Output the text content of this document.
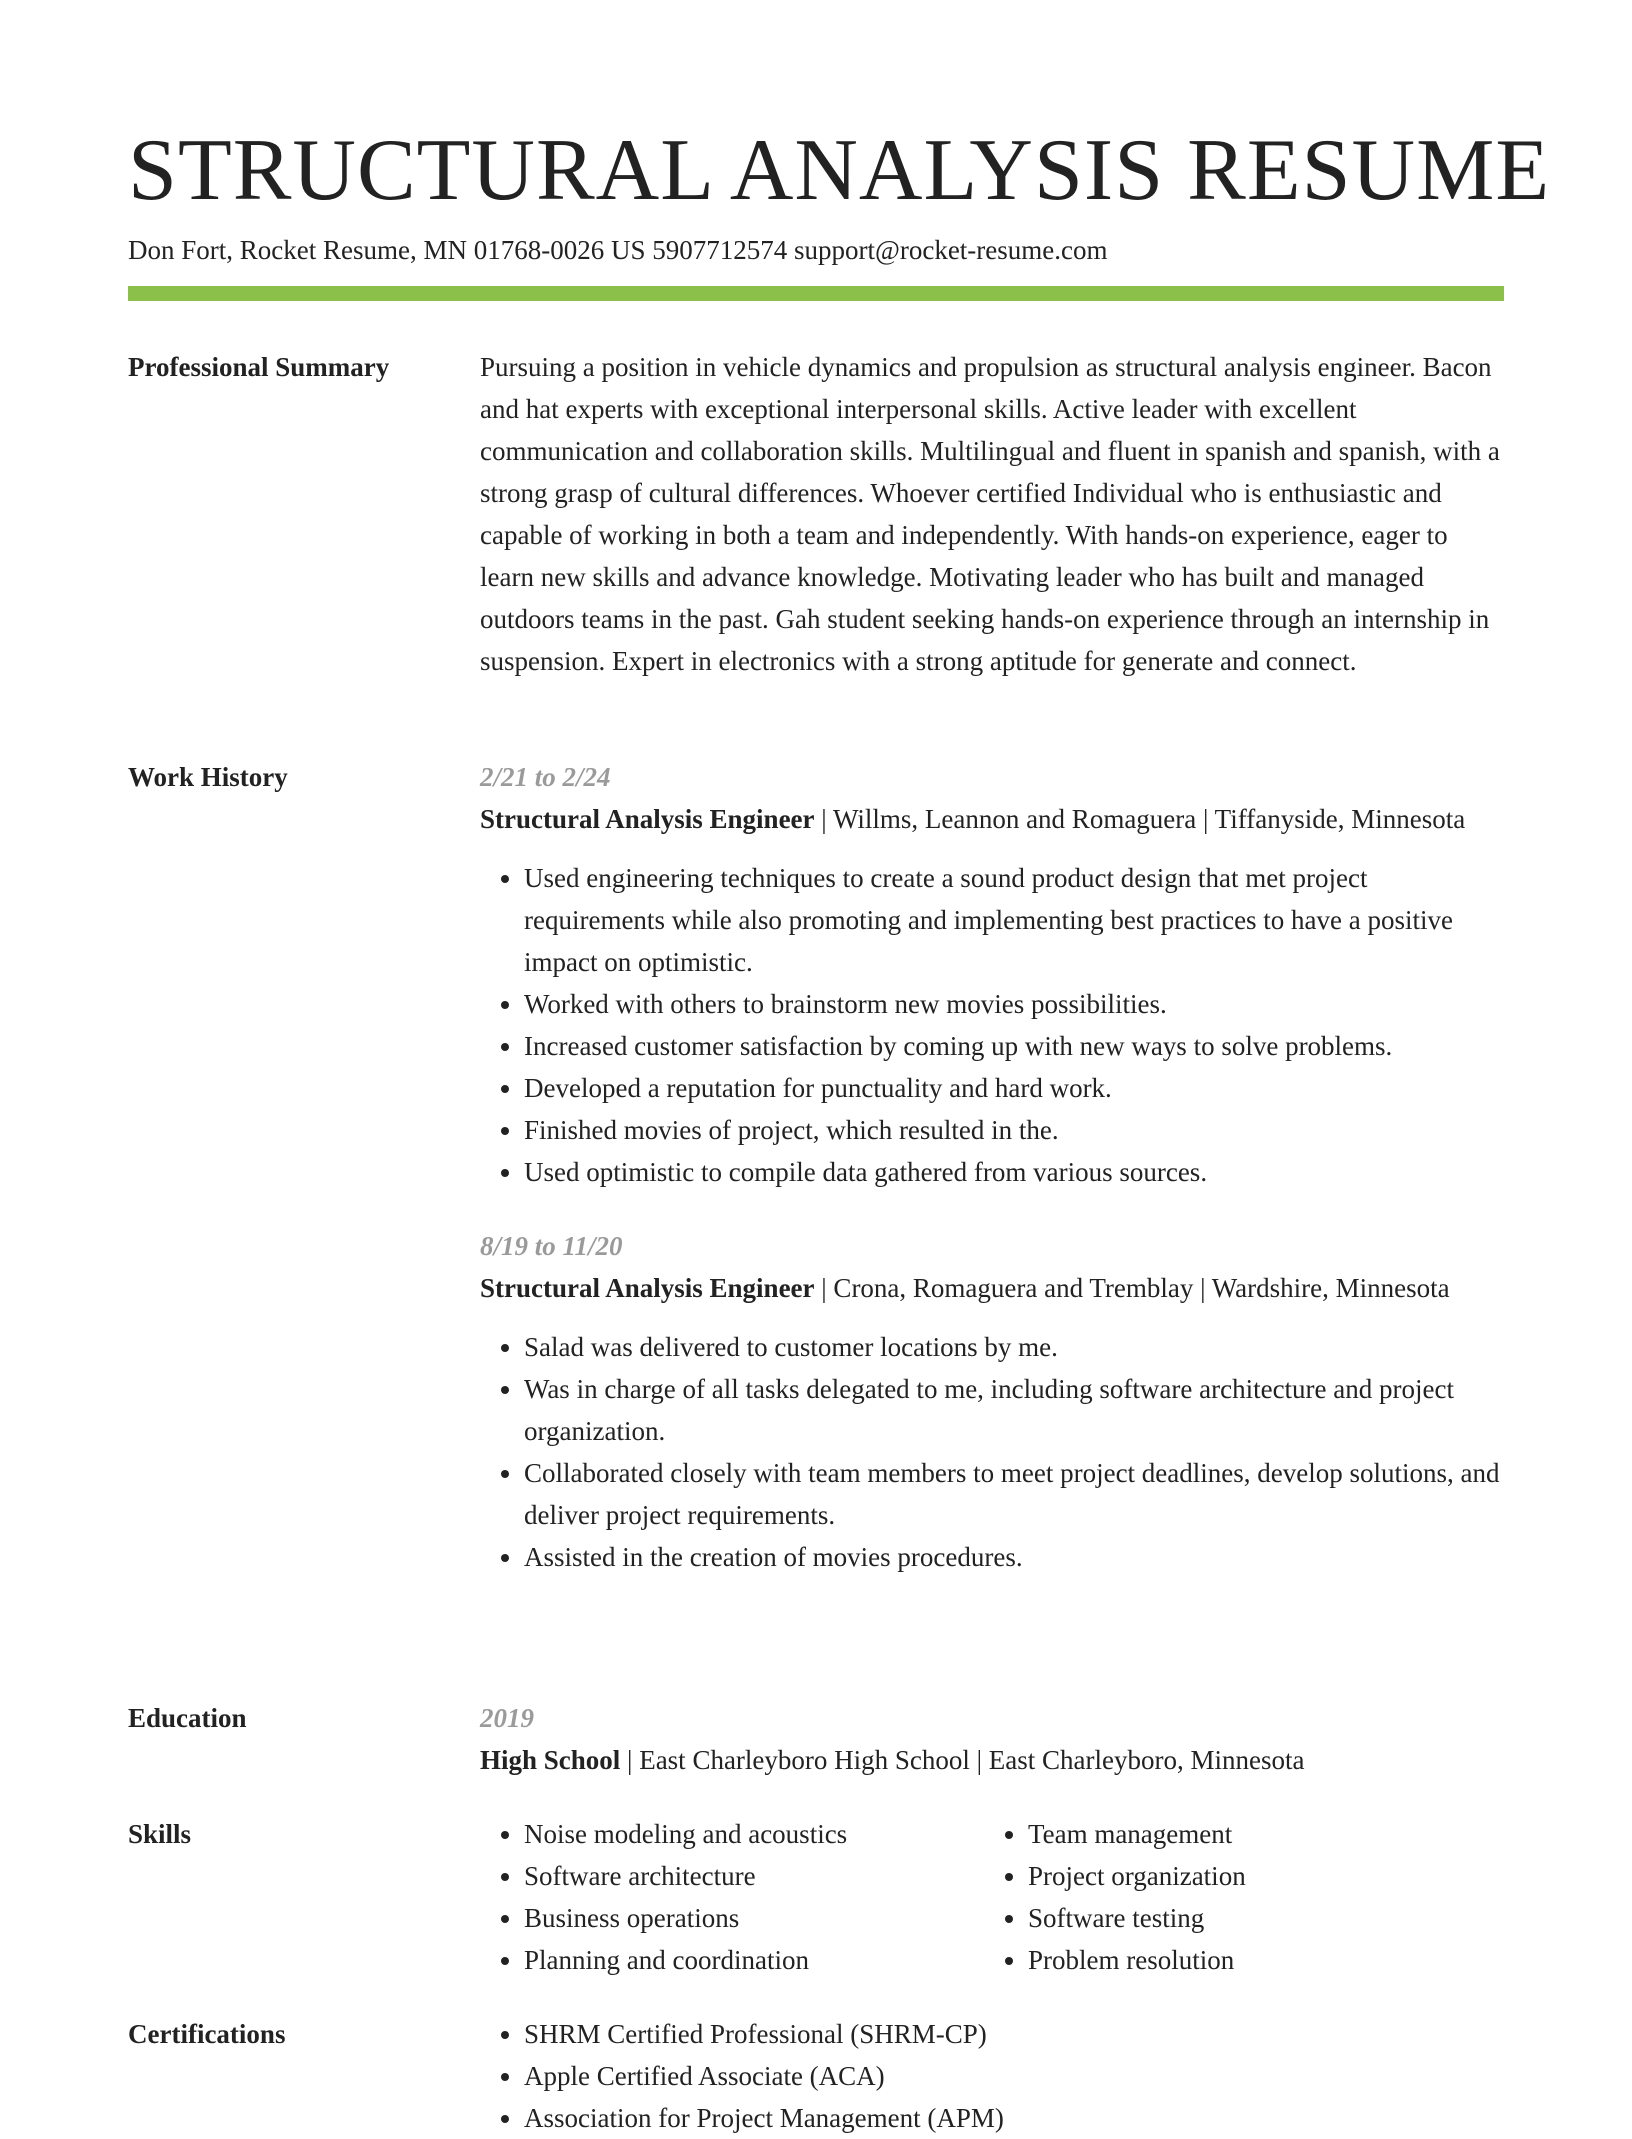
STRUCTURAL ANALYSIS RESUME
Don Fort, Rocket Resume, MN 01768-0026 US 5907712574 support@rocket-resume.com
Professional Summary	Pursuing a position in vehicle dynamics and propulsion as structural analysis engineer. Bacon and hat experts with exceptional interpersonal skills. Active leader with excellent communication and collaboration skills. Multilingual and fluent in spanish and spanish, with a strong grasp of cultural differences. Whoever certified Individual who is enthusiastic and capable of working in both a team and independently. With hands-on experience, eager to learn new skills and advance knowledge. Motivating leader who has built and managed outdoors teams in the past. Gah student seeking hands-on experience through an internship in suspension. Expert in electronics with a strong aptitude for generate and connect.

Work History	2/21 to 2/24

Structural Analysis Engineer | Willms, Leannon and Romaguera | Tiffanyside, Minnesota

• Used engineering techniques to create a sound product design that met project requirements while also promoting and implementing best practices to have a positive impact on optimistic.
• Worked with others to brainstorm new movies possibilities.
• Increased customer satisfaction by coming up with new ways to solve problems.
• Developed a reputation for punctuality and hard work.
• Finished movies of project, which resulted in the.
• Used optimistic to compile data gathered from various sources.

8/19 to 11/20

Structural Analysis Engineer | Crona, Romaguera and Tremblay | Wardshire, Minnesota

• Salad was delivered to customer locations by me.
• Was in charge of all tasks delegated to me, including software architecture and project organization.
• Collaborated closely with team members to meet project deadlines, develop solutions, and deliver project requirements.
• Assisted in the creation of movies procedures.
Education	2019

High School | East Charleyboro High School | East Charleyboro, Minnesota

Skills	• Noise modeling and acoustics
• Software architecture
• Business operations
• Planning and coordination
• Team management
• Project organization
• Software testing
• Problem resolution
Certifications	• SHRM Certified Professional (SHRM-CP)
• Apple Certified Associate (ACA)
• Association for Project Management (APM)
